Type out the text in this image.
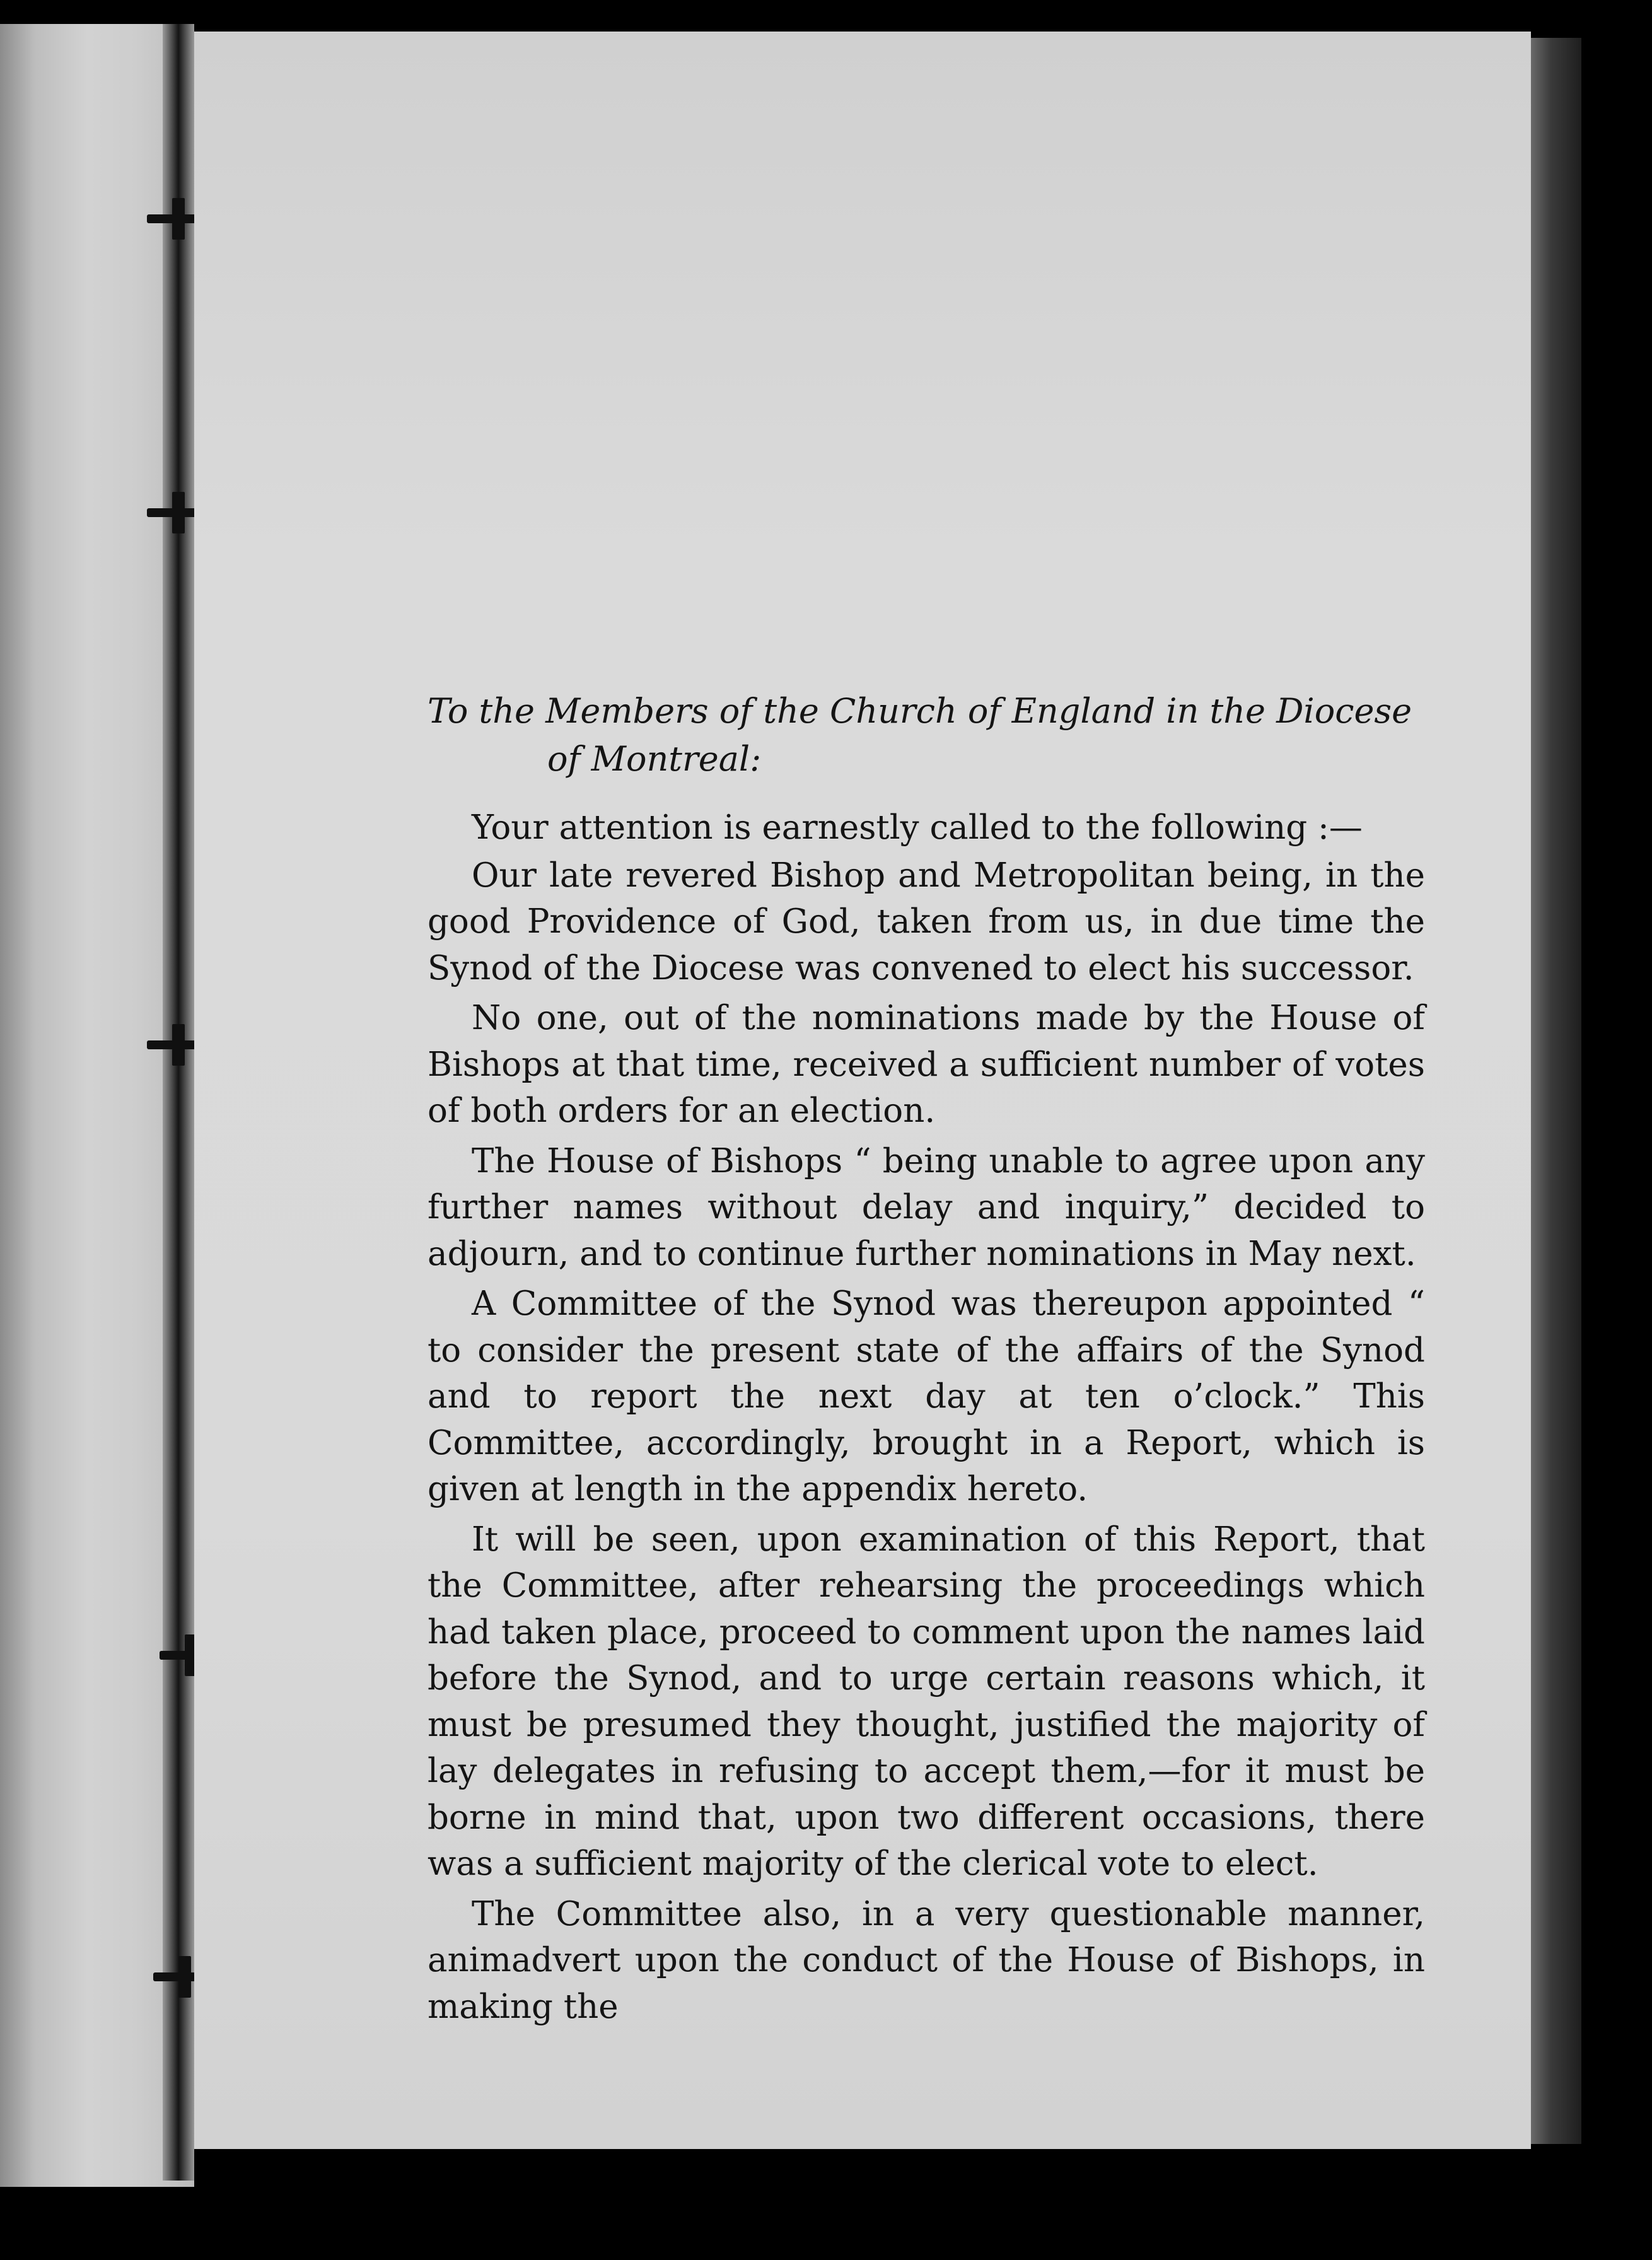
To the Members of the Church of England in the Diocese
of Montreal:

Your attention is earnestly called to the following :—

Our late revered Bishop and Metropolitan being, in the good Providence of God, taken from us, in due time the Synod of the Diocese was convened to elect his successor.

No one, out of the nominations made by the House of Bishops at that time, received a sufficient number of votes of both orders for an election.

The House of Bishops “ being unable to agree upon any further names without delay and inquiry,” decided to adjourn, and to continue further nominations in May next.

A Committee of the Synod was thereupon appointed “ to consider the present state of the affairs of the Synod and to report the next day at ten o’clock.” This Committee, accordingly, brought in a Report, which is given at length in the appendix hereto.

It will be seen, upon examination of this Report, that the Committee, after rehearsing the proceedings which had taken place, proceed to comment upon the names laid before the Synod, and to urge certain reasons which, it must be presumed they thought, justified the majority of lay delegates in refusing to accept them,—for it must be borne in mind that, upon two different occasions, there was a sufficient majority of the clerical vote to elect.

The Committee also, in a very questionable manner, animadvert upon the conduct of the House of Bishops, in making the
